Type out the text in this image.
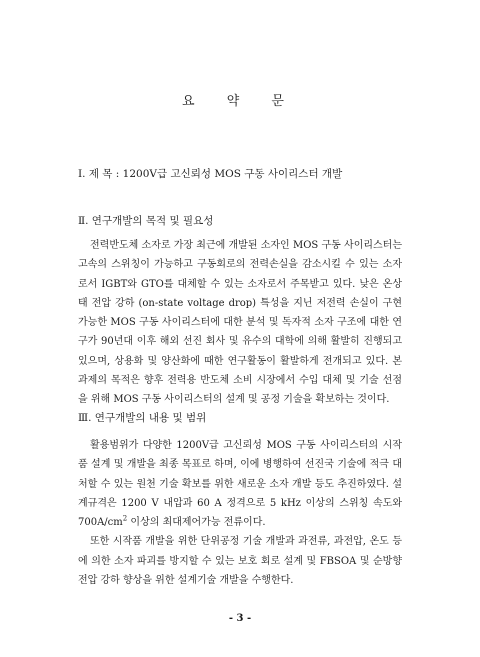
요 약 문
Ⅰ. 제 목 : 1200V급 고신뢰성 MOS 구동 사이리스터 개발
Ⅱ. 연구개발의 목적 및 필요성

전력반도체 소자로 가장 최근에 개발된 소자인 MOS 구동 사이리스터는 고속의 스위칭이 가능하고 구동회로의 전력손실을 감소시킬 수 있는 소자로서 IGBT와 GTO를 대체할 수 있는 소자로서 주목받고 있다. 낮은 온상태 전압 강하 (on-state voltage drop) 특성을 지닌 저전력 손실이 구현 가능한 MOS 구동 사이리스터에 대한 분석 및 독자적 소자 구조에 대한 연구가 90년대 이후 해외 선진 회사 및 유수의 대학에 의해 활발히 진행되고 있으며, 상용화 및 양산화에 때한 연구활동이 활발하게 전개되고 있다. 본 과제의 목적은 향후 전력용 반도체 소비 시장에서 수입 대체 및 기술 선점을 위해 MOS 구동 사이리스터의 설계 및 공정 기술을 확보하는 것이다.

Ⅲ. 연구개발의 내용 및 범위

활용범위가 다양한 1200V급 고신뢰성 MOS 구동 사이리스터의 시작품 설계 및 개발을 최종 목표로 하며, 이에 병행하여 선진국 기술에 적극 대처할 수 있는 원천 기술 확보를 위한 새로운 소자 개발 등도 추진하였다. 설계규격은 1200 V 내압과 60 A 정격으로 5 kHz 이상의 스위칭 속도와 $700A/cm^2$ 이상의 최대제어가능 전류이다.

또한 시작품 개발을 위한 단위공정 기술 개발과 과전류, 과전압, 온도 등에 의한 소자 파괴를 방지할 수 있는 보호 회로 설계 및 FBSOA 및 순방향 전압 강하 향상을 위한 설계기술 개발을 수행한다.

- 3 -
